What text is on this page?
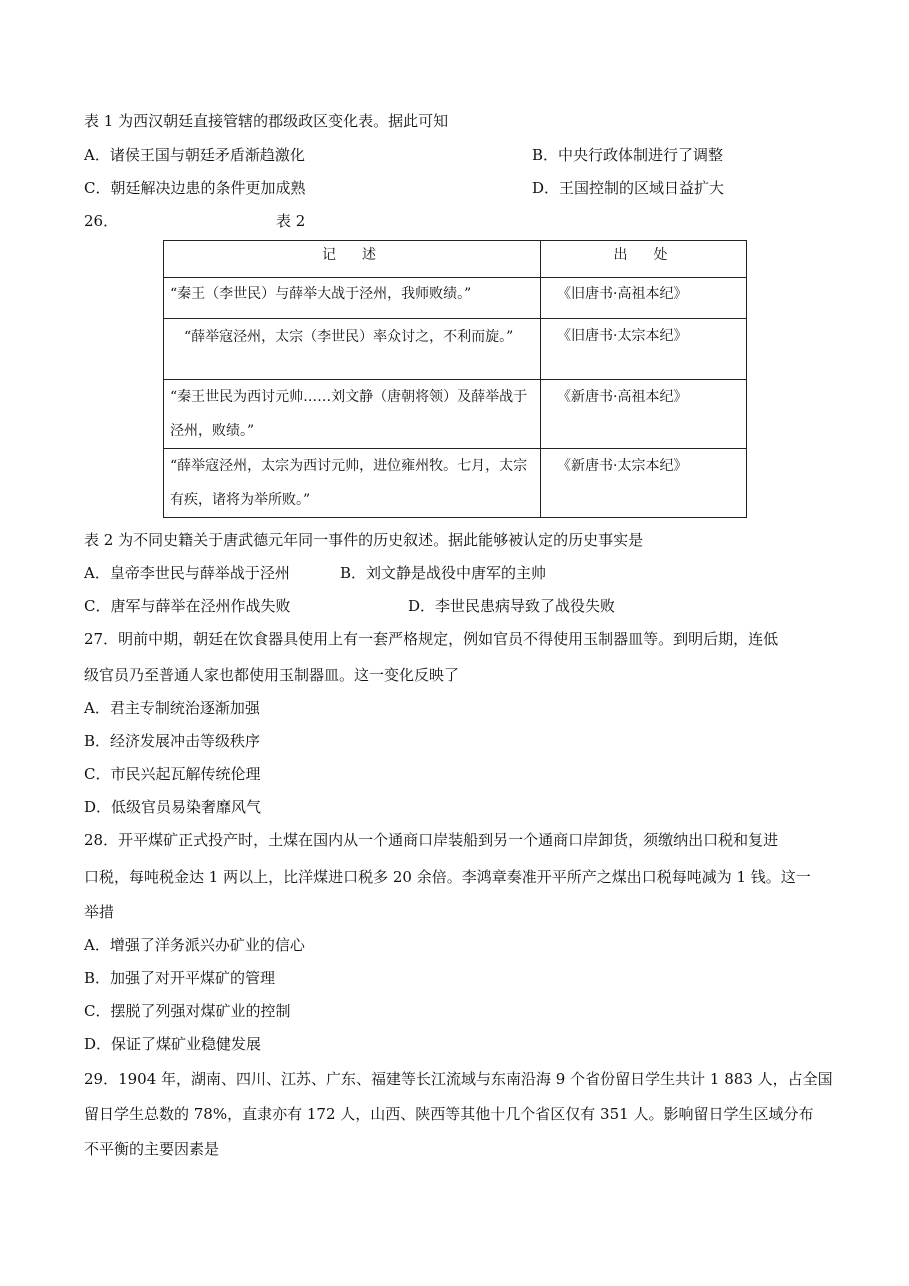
表 1 为西汉朝廷直接管辖的郡级政区变化表。据此可知
A．诸侯王国与朝廷矛盾渐趋激化	B．中央行政体制进行了调整
C．朝廷解决边患的条件更加成熟	D．王国控制的区域日益扩大
26．	表 2
记　述	出　处
“秦王（李世民）与薛举大战于泾州，我师败绩。”	《旧唐书·高祖本纪》
“薛举寇泾州，太宗（李世民）率众讨之，不利而旋。”	《旧唐书·太宗本纪》
“秦王世民为西讨元帅……刘文静（唐朝将领）及薛举战于泾州，败绩。”	《新唐书·高祖本纪》
“薛举寇泾州，太宗为西讨元帅，进位雍州牧。七月，太宗有疾，诸将为举所败。”	《新唐书·太宗本纪》
表 2 为不同史籍关于唐武德元年同一事件的历史叙述。据此能够被认定的历史事实是
A．皇帝李世民与薛举战于泾州	B．刘文静是战役中唐军的主帅
C．唐军与薛举在泾州作战失败	D．李世民患病导致了战役失败
27．明前中期，朝廷在饮食器具使用上有一套严格规定，例如官员不得使用玉制器皿等。到明后期，连低
级官员乃至普通人家也都使用玉制器皿。这一变化反映了
A．君主专制统治逐渐加强
B．经济发展冲击等级秩序
C．市民兴起瓦解传统伦理
D．低级官员易染奢靡风气
28．开平煤矿正式投产时，土煤在国内从一个通商口岸装船到另一个通商口岸卸货，须缴纳出口税和复进
口税，每吨税金达 1 两以上，比洋煤进口税多 20 余倍。李鸿章奏准开平所产之煤出口税每吨减为 1 钱。这一
举措
A．增强了洋务派兴办矿业的信心
B．加强了对开平煤矿的管理
C．摆脱了列强对煤矿业的控制
D．保证了煤矿业稳健发展
29．1904 年，湖南、四川、江苏、广东、福建等长江流域与东南沿海 9 个省份留日学生共计 1 883 人，占全国
留日学生总数的 78%，直隶亦有 172 人，山西、陕西等其他十几个省区仅有 351 人。影响留日学生区域分布
不平衡的主要因素是
